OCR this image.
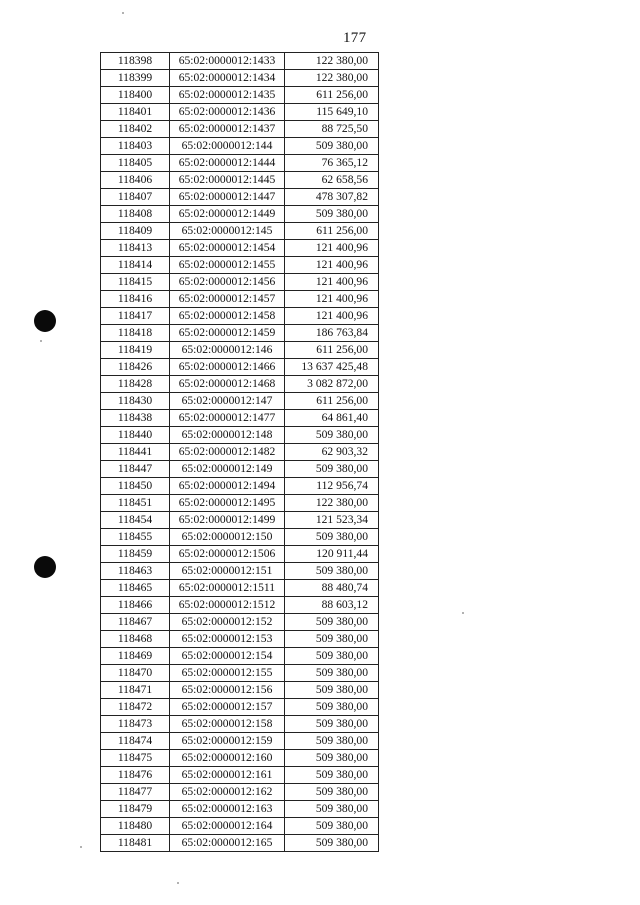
177
118398	65:02:0000012:1433	122 380,00
118399	65:02:0000012:1434	122 380,00
118400	65:02:0000012:1435	611 256,00
118401	65:02:0000012:1436	115 649,10
118402	65:02:0000012:1437	88 725,50
118403	65:02:0000012:144	509 380,00
118405	65:02:0000012:1444	76 365,12
118406	65:02:0000012:1445	62 658,56
118407	65:02:0000012:1447	478 307,82
118408	65:02:0000012:1449	509 380,00
118409	65:02:0000012:145	611 256,00
118413	65:02:0000012:1454	121 400,96
118414	65:02:0000012:1455	121 400,96
118415	65:02:0000012:1456	121 400,96
118416	65:02:0000012:1457	121 400,96
118417	65:02:0000012:1458	121 400,96
118418	65:02:0000012:1459	186 763,84
118419	65:02:0000012:146	611 256,00
118426	65:02:0000012:1466	13 637 425,48
118428	65:02:0000012:1468	3 082 872,00
118430	65:02:0000012:147	611 256,00
118438	65:02:0000012:1477	64 861,40
118440	65:02:0000012:148	509 380,00
118441	65:02:0000012:1482	62 903,32
118447	65:02:0000012:149	509 380,00
118450	65:02:0000012:1494	112 956,74
118451	65:02:0000012:1495	122 380,00
118454	65:02:0000012:1499	121 523,34
118455	65:02:0000012:150	509 380,00
118459	65:02:0000012:1506	120 911,44
118463	65:02:0000012:151	509 380,00
118465	65:02:0000012:1511	88 480,74
118466	65:02:0000012:1512	88 603,12
118467	65:02:0000012:152	509 380,00
118468	65:02:0000012:153	509 380,00
118469	65:02:0000012:154	509 380,00
118470	65:02:0000012:155	509 380,00
118471	65:02:0000012:156	509 380,00
118472	65:02:0000012:157	509 380,00
118473	65:02:0000012:158	509 380,00
118474	65:02:0000012:159	509 380,00
118475	65:02:0000012:160	509 380,00
118476	65:02:0000012:161	509 380,00
118477	65:02:0000012:162	509 380,00
118479	65:02:0000012:163	509 380,00
118480	65:02:0000012:164	509 380,00
118481	65:02:0000012:165	509 380,00
